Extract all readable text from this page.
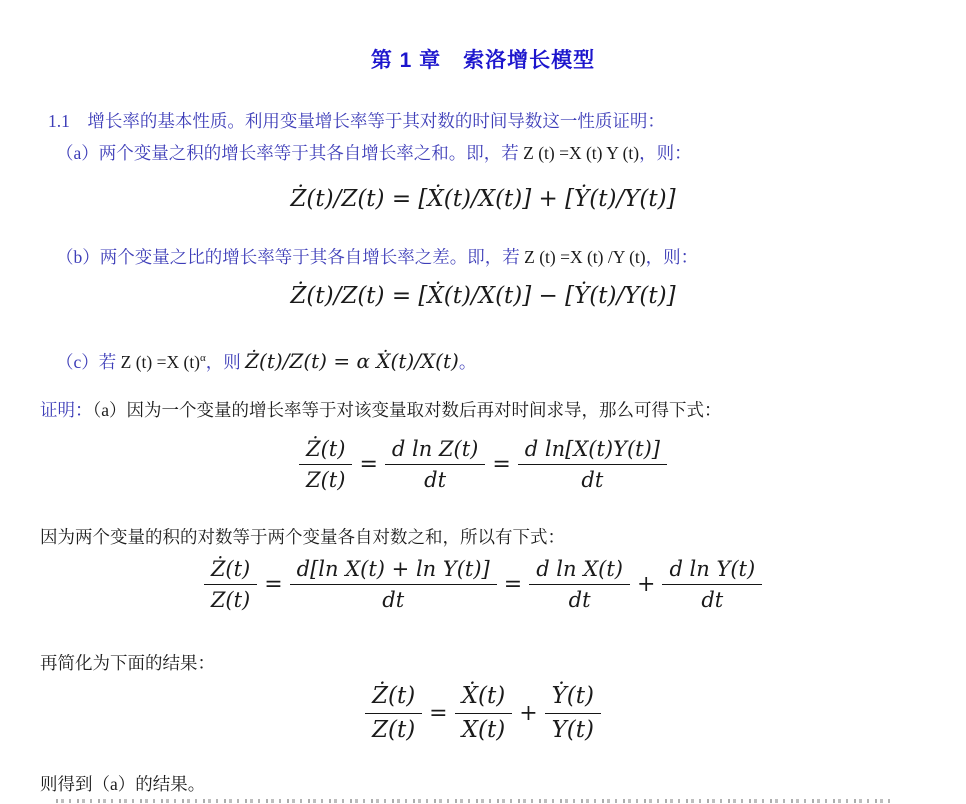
第 1 章　索洛增长模型
1.1　增长率的基本性质。利用变量增长率等于其对数的时间导数这一性质证明：
（a）两个变量之积的增长率等于其各自增长率之和。即，若 Z (t) =X (t) Y (t)，则：
Ż(t)/Z(t) = [Ẋ(t)/X(t)] + [Ẏ(t)/Y(t)]
（b）两个变量之比的增长率等于其各自增长率之差。即，若 Z (t) =X (t) /Y (t)，则：
Ż(t)/Z(t) = [Ẋ(t)/X(t)] − [Ẏ(t)/Y(t)]
（c）若 Z (t) =X $(t)^\alpha$，则 Ż(t)/Z(t) = α Ẋ(t)/X(t)。
证明：（a）因为一个变量的增长率等于对该变量取对数后再对时间求导，那么可得下式：
$\frac{Ż(t)}{Z(t)} = \frac{\text{d ln Z(t)}}{dt} = \frac{\text{d ln[X(t)Y(t)]}}{dt}$
因为两个变量的积的对数等于两个变量各自对数之和，所以有下式：
$\frac{Ż(t)}{Z(t)} = \frac{\text{d[ln X(t) + ln Y(t)]}}{dt} = \frac{\text{d ln X(t)}}{dt} + \frac{\text{d ln Y(t)}}{dt}$
再简化为下面的结果：
$\frac{Ż(t)}{Z(t)} = \frac{\text{Ẋ(t)}}{X(t)} + \frac{\text{Ẏ(t)}}{Y(t)}$
则得到（a）的结果。
